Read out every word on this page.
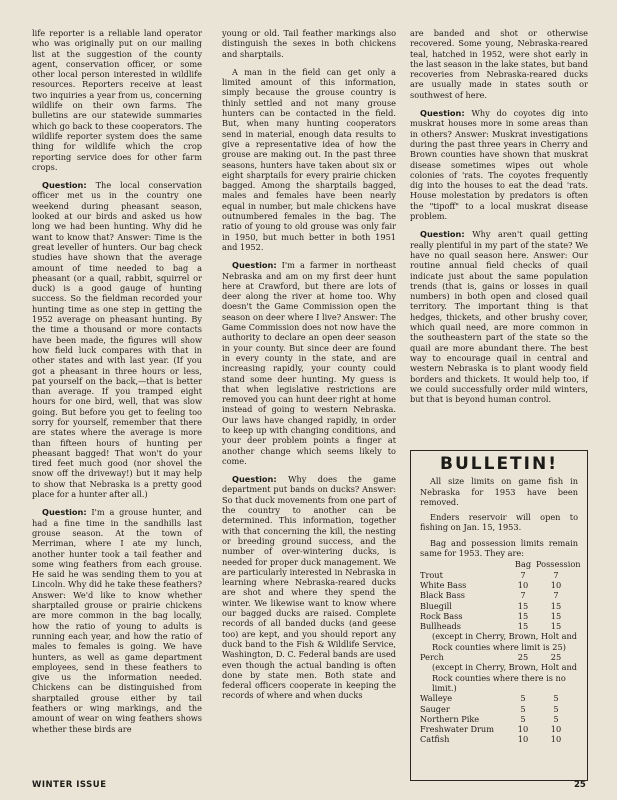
life reporter is a reliable land operator who was originally put on our mailing list at the suggestion of the county agent, conservation officer, or some other local person interested in wildlife resources. Reporters receive at least two inquiries a year from us, concerning wildlife on their own farms. The bulletins are our statewide summaries which go back to these cooperators. The wildlife reporter system does the same thing for wildlife which the crop reporting service does for other farm crops.

Question: The local conservation officer met us in the country one weekend during pheasant season, looked at our birds and asked us how long we had been hunting. Why did he want to know that? Answer: Time is the great leveller of hunters. Our bag check studies have shown that the average amount of time needed to bag a pheasant (or a quail, rabbit, squirrel or duck) is a good gauge of hunting success. So the fieldman recorded your hunting time as one step in getting the 1952 average on pheasant hunting. By the time a thousand or more contacts have been made, the figures will show how field luck compares with that in other states and with last year. (If you got a pheasant in three hours or less, pat yourself on the back,—that is better than average. If you tramped eight hours for one bird, well, that was slow going. But before you get to feeling too sorry for yourself, remember that there are states where the average is more than fifteen hours of hunting per pheasant bagged! That won't do your tired feet much good (nor shovel the snow off the driveway!) but it may help to show that Nebraska is a pretty good place for a hunter after all.)

Question: I'm a grouse hunter, and had a fine time in the sandhills last grouse season. At the town of Merriman, where I ate my lunch, another hunter took a tail feather and some wing feathers from each grouse. He said he was sending them to you at Lincoln. Why did he take these feathers? Answer: We'd like to know whether sharptailed grouse or prairie chickens are more common in the bag locally, how the ratio of young to adults is running each year, and how the ratio of males to females is going. We have hunters, as well as game department employees, send in these feathers to give us the information needed. Chickens can be distinguished from sharptailed grouse either by tail feathers or wing markings, and the amount of wear on wing feathers shows whether these birds are

young or old. Tail feather markings also distinguish the sexes in both chickens and sharptails.

A man in the field can get only a limited amount of this information, simply because the grouse country is thinly settled and not many grouse hunters can be contacted in the field. But, when many hunting cooperators send in material, enough data results to give a representative idea of how the grouse are making out. In the past three seasons, hunters have taken about six or eight sharptails for every prairie chicken bagged. Among the sharptails bagged, males and females have been nearly equal in number, but male chickens have outnumbered females in the bag. The ratio of young to old grouse was only fair in 1950, but much better in both 1951 and 1952.

Question: I'm a farmer in northeast Nebraska and am on my first deer hunt here at Crawford, but there are lots of deer along the river at home too. Why doesn't the Game Commission open the season on deer where I live? Answer: The Game Commission does not now have the authority to declare an open deer season in your county. But since deer are found in every county in the state, and are increasing rapidly, your county could stand some deer hunting. My guess is that when legislative restrictions are removed you can hunt deer right at home instead of going to western Nebraska. Our laws have changed rapidly, in order to keep up with changing conditions, and your deer problem points a finger at another change which seems likely to come.

Question: Why does the game department put bands on ducks? Answer: So that duck movements from one part of the country to another can be determined. This information, together with that concerning the kill, the nesting or breeding ground success, and the number of over-wintering ducks, is needed for proper duck management. We are particularly interested in Nebraska in learning where Nebraska-reared ducks are shot and where they spend the winter. We likewise want to know where our bagged ducks are raised. Complete records of all banded ducks (and geese too) are kept, and you should report any duck band to the Fish & Wildlife Service, Washington, D. C. Federal bands are used even though the actual banding is often done by state men. Both state and federal officers cooperate in keeping the records of where and when ducks

are banded and shot or otherwise recovered. Some young, Nebraska-reared teal, hatched in 1952, were shot early in the last season in the lake states, but band recoveries from Nebraska-reared ducks are usually made in states south or southwest of here.

Question: Why do coyotes dig into muskrat houses more in some areas than in others? Answer: Muskrat investigations during the past three years in Cherry and Brown counties have shown that muskrat disease sometimes wipes out whole colonies of 'rats. The coyotes frequently dig into the houses to eat the dead 'rats. House molestation by predators is often the "tipoff" to a local muskrat disease problem.

Question: Why aren't quail getting really plentiful in my part of the state? We have no quail season here. Answer: Our routine annual field checks of quail indicate just about the same population trends (that is, gains or losses in quail numbers) in both open and closed quail territory. The important thing is that hedges, thickets, and other brushy cover, which quail need, are more common in the southeastern part of the state so the quail are more abundant there. The best way to encourage quail in central and western Nebraska is to plant woody field borders and thickets. It would help too, if we could successfully order mild winters, but that is beyond human control.

BULLETIN!

All size limits on game fish in Nebraska for 1953 have been removed.

Enders reservoir will open to fishing on Jan. 15, 1953.

Bag and possession limits remain same for 1953. They are:

Bag Possession
Trout	7	7
White Bass	10	10
Black Bass	7	7
Bluegill	15	15
Rock Bass	15	15
Bullheads	15	15
(except in Cherry, Brown, Holt and Rock counties where limit is 25)
Perch	25	25
(except in Cherry, Brown, Holt and Rock counties where there is no limit.)
Walleye	5	5
Sauger	5	5
Northern Pike	5	5
Freshwater Drum	10	10
Catfish	10	10
WINTER ISSUE	25
